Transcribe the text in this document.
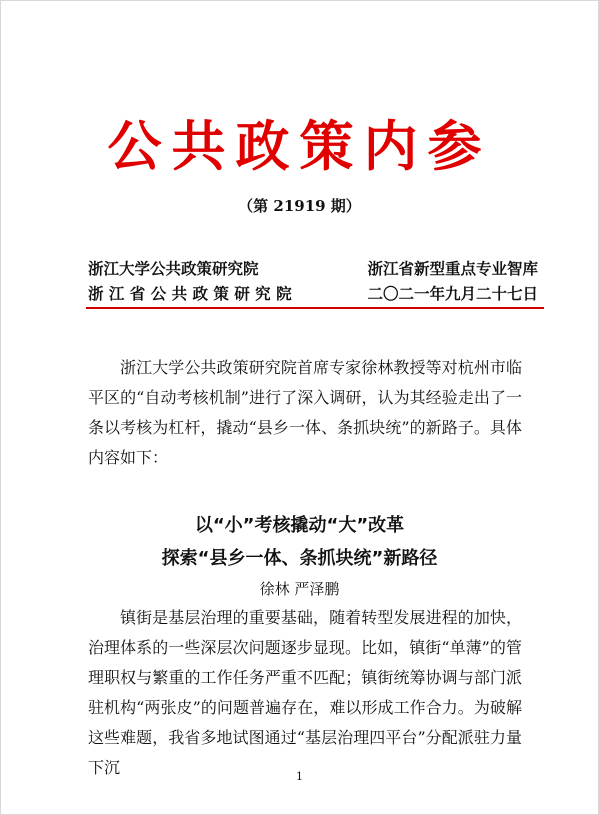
公共政策内参
（第 21919 期）
浙江大学公共政策研究院	浙江省新型重点专业智库
浙 江 省 公 共 政 策 研 究 院	二〇二一年九月二十七日

浙江大学公共政策研究院首席专家徐林教授等对杭州市临平区的“自动考核机制”进行了深入调研，认为其经验走出了一条以考核为杠杆，撬动“县乡一体、条抓块统”的新路子。具体内容如下：

以“小”考核撬动“大”改革
探索“县乡一体、条抓块统”新路径
徐林 严泽鹏

镇街是基层治理的重要基础，随着转型发展进程的加快，治理体系的一些深层次问题逐步显现。比如，镇街“单薄”的管理职权与繁重的工作任务严重不匹配；镇街统筹协调与部门派驻机构“两张皮”的问题普遍存在，难以形成工作合力。为破解这些难题，我省多地试图通过“基层治理四平台”分配派驻力量下沉	1
